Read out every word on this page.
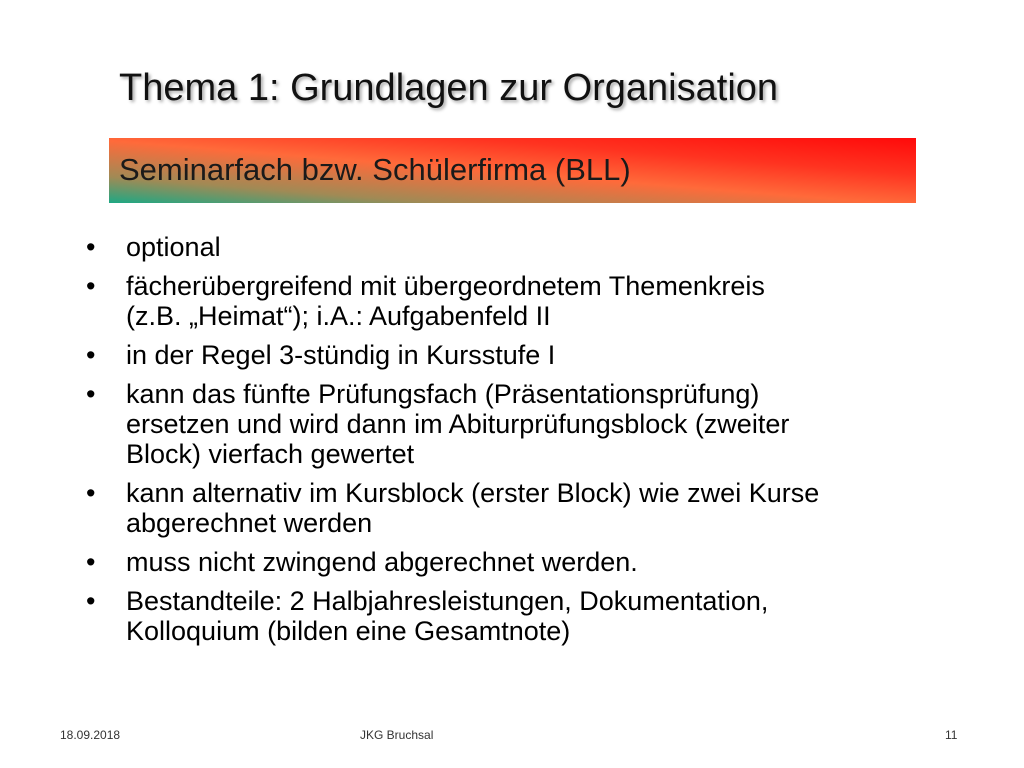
Thema 1: Grundlagen zur Organisation
Seminarfach bzw. Schülerfirma (BLL)
• optional
• fächerübergreifend mit übergeordnetem Themenkreis
(z.B. „Heimat“); i.A.: Aufgabenfeld II
• in der Regel 3-stündig in Kursstufe I
• kann das fünfte Prüfungsfach (Präsentationsprüfung)
ersetzen und wird dann im Abiturprüfungsblock (zweiter
Block) vierfach gewertet
• kann alternativ im Kursblock (erster Block) wie zwei Kurse
abgerechnet werden
• muss nicht zwingend abgerechnet werden.
• Bestandteile: 2 Halbjahresleistungen, Dokumentation,
Kolloquium (bilden eine Gesamtnote)
18.09.2018	JKG Bruchsal	11
